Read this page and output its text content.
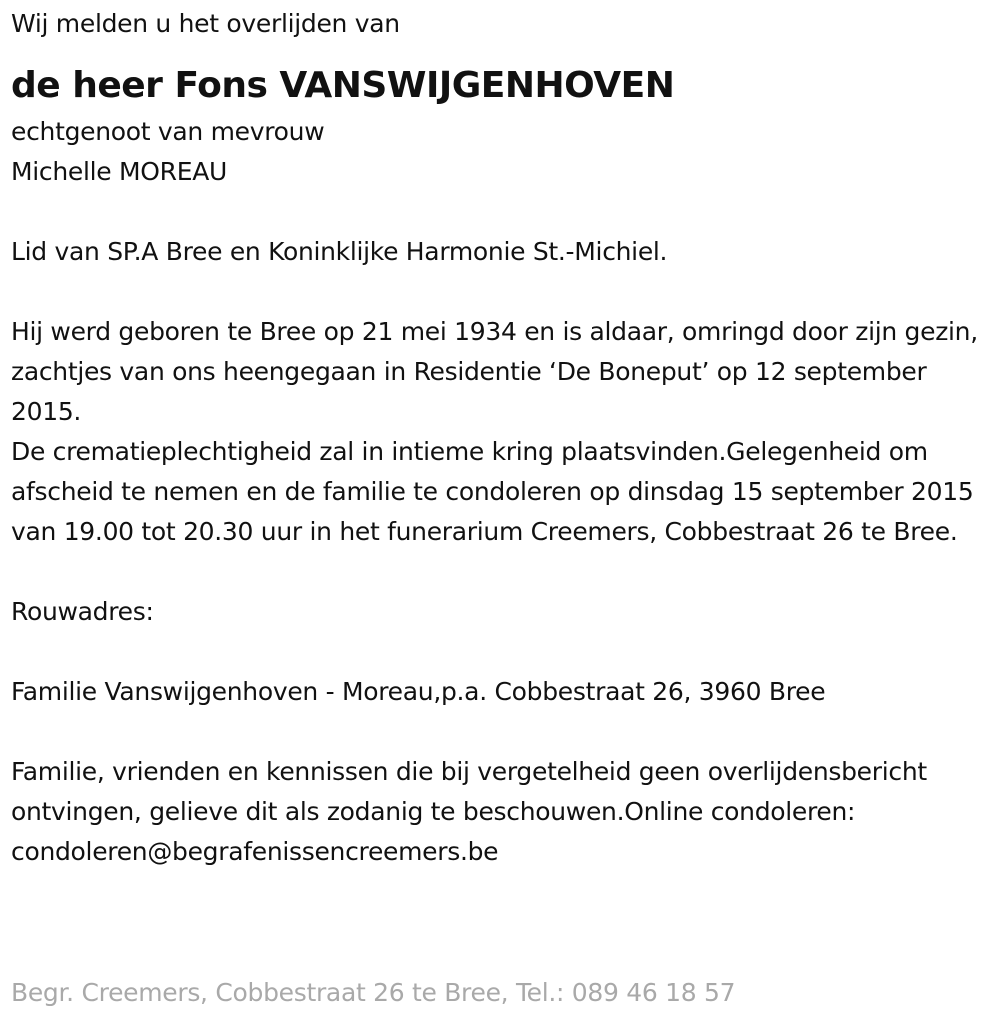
Wij melden u het overlijden van
de heer Fons VANSWIJGENHOVEN
echtgenoot van mevrouw
Michelle MOREAU
Lid van SP.A Bree en Koninklijke Harmonie St.-Michiel.
Hij werd geboren te Bree op 21 mei 1934 en is aldaar, omringd door zijn gezin, zachtjes van ons heengegaan in Residentie ‘De Boneput’ op 12 september 2015.
De crematieplechtigheid zal in intieme kring plaatsvinden.Gelegenheid om afscheid te nemen en de familie te condoleren op dinsdag 15 september 2015 van 19.00 tot 20.30 uur in het funerarium Creemers, Cobbestraat 26 te Bree.
Rouwadres:
Familie Vanswijgenhoven - Moreau,p.a. Cobbestraat 26, 3960 Bree
Familie, vrienden en kennissen die bij vergetelheid geen overlijdensbericht ontvingen, gelieve dit als zodanig te beschouwen.Online condoleren: condoleren@begrafenissencreemers.be
Begr. Creemers, Cobbestraat 26 te Bree, Tel.: 089 46 18 57
